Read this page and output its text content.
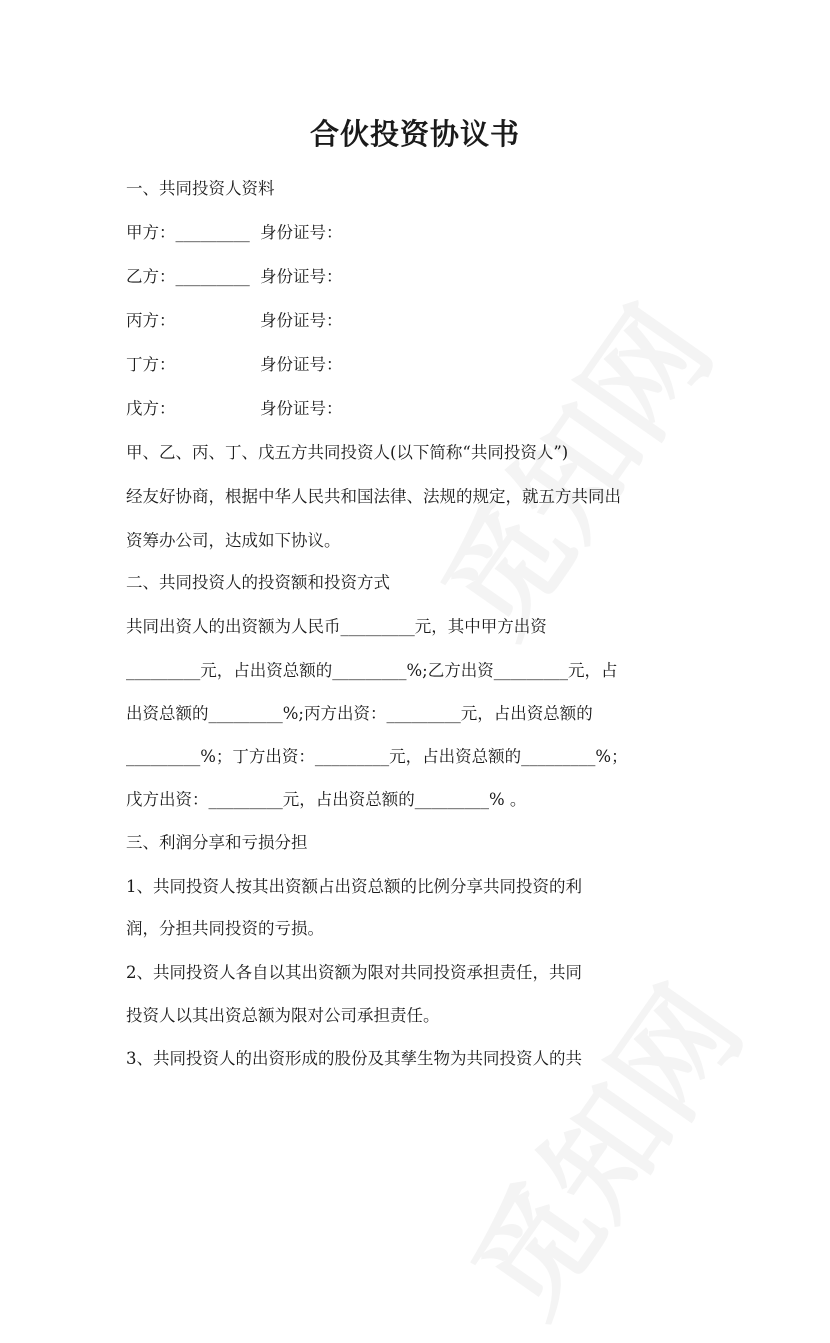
合伙投资协议书
一、共同投资人资料
甲方：_________ 身份证号：
乙方：_________ 身份证号：
丙方：	身份证号：
丁方：	身份证号：
戊方：	身份证号：
甲、乙、丙、丁、戊五方共同投资人(以下简称“共同投资人”)
经友好协商，根据中华人民共和国法律、法规的规定，就五方共同出
资筹办公司，达成如下协议。
二、共同投资人的投资额和投资方式
共同出资人的出资额为人民币_________元，其中甲方出资
_________元，占出资总额的_________%;乙方出资_________元，占
出资总额的_________%;丙方出资：_________元，占出资总额的
_________%；丁方出资：_________元，占出资总额的_________%；
戊方出资：_________元，占出资总额的_________% 。
三、利润分享和亏损分担
1、共同投资人按其出资额占出资总额的比例分享共同投资的利
润，分担共同投资的亏损。
2、共同投资人各自以其出资额为限对共同投资承担责任，共同
投资人以其出资总额为限对公司承担责任。
3、共同投资人的出资形成的股份及其孳生物为共同投资人的共
